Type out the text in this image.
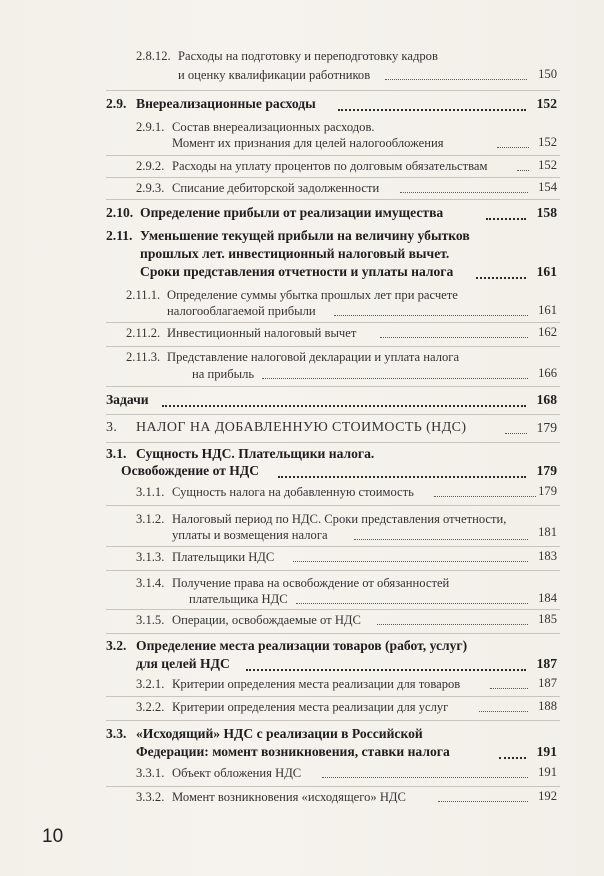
2.8.12. Расходы на подготовку и переподготовку кадров
и оценку квалификации работников	150
2.9. Внереализационные расходы	152
2.9.1. Состав внереализационных расходов.
Момент их признания для целей налогообложения	152
2.9.2. Расходы на уплату процентов по долговым обязательствам	152
2.9.3. Списание дебиторской задолженности	154
2.10. Определение прибыли от реализации имущества	158
2.11. Уменьшение текущей прибыли на величину убытков
прошлых лет. инвестиционный налоговый вычет.
Сроки представления отчетности и уплаты налога	161
2.11.1. Определение суммы убытка прошлых лет при расчете
налогооблагаемой прибыли	161
2.11.2. Инвестиционный налоговый вычет	162
2.11.3. Представление налоговой декларации и уплата налога
на прибыль	166
Задачи	168
3. НАЛОГ НА ДОБАВЛЕННУЮ СТОИМОСТЬ (НДС)	179
3.1. Сущность НДС. Плательщики налога.
Освобождение от НДС	179
3.1.1. Сущность налога на добавленную стоимость	179
3.1.2. Налоговый период по НДС. Сроки представления отчетности,
уплаты и возмещения налога	181
3.1.3. Плательщики НДС	183
3.1.4. Получение права на освобождение от обязанностей
плательщика НДС	184
3.1.5. Операции, освобождаемые от НДС	185
3.2. Определение места реализации товаров (работ, услуг)
для целей НДС	187
3.2.1. Критерии определения места реализации для товаров	187
3.2.2. Критерии определения места реализации для услуг	188
3.3. «Исходящий» НДС с реализации в Российской
Федерации: момент возникновения, ставки налога	191
3.3.1. Объект обложения НДС	191
3.3.2. Момент возникновения «исходящего» НДС	192
10
